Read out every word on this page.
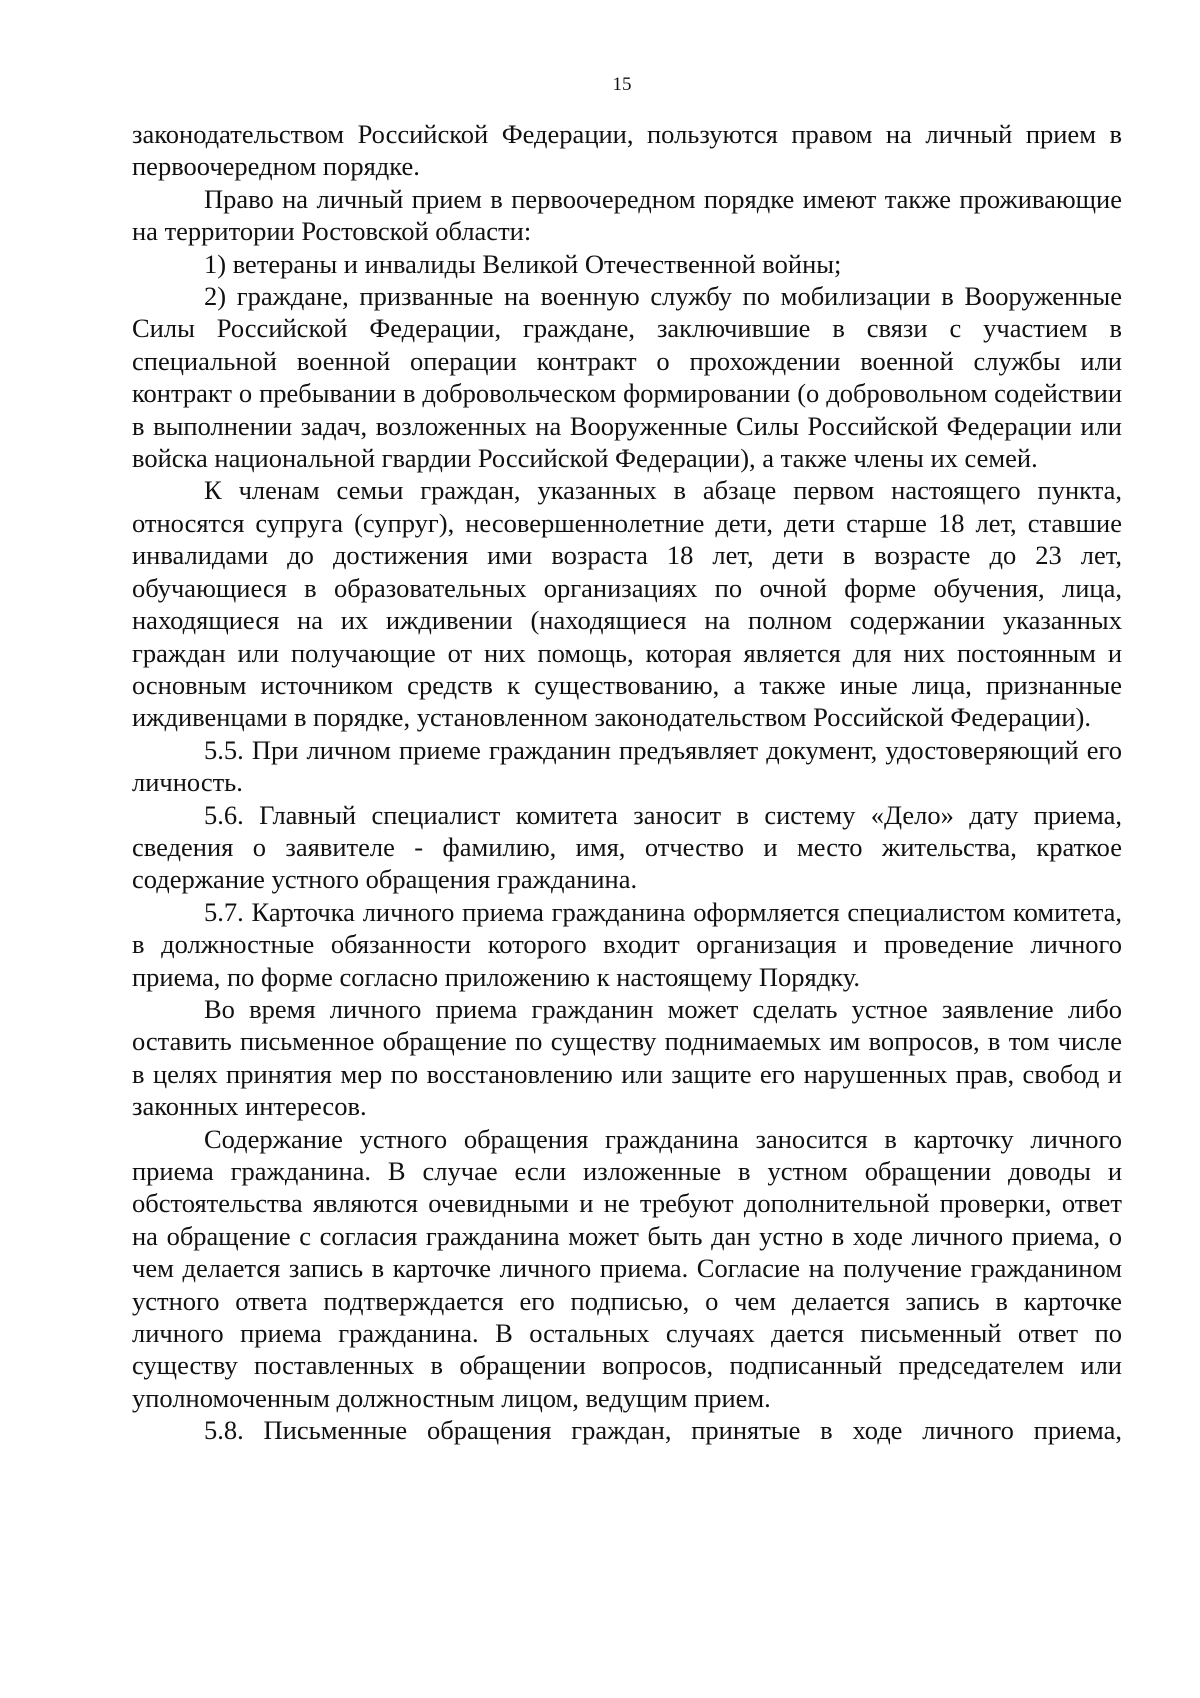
15

законодательством Российской Федерации, пользуются правом на личный прием в первоочередном порядке.

Право на личный прием в первоочередном порядке имеют также проживающие на территории Ростовской области:

1) ветераны и инвалиды Великой Отечественной войны;

2) граждане, призванные на военную службу по мобилизации в Вооруженные Силы Российской Федерации, граждане, заключившие в связи с участием в специальной военной операции контракт о прохождении военной службы или контракт о пребывании в добровольческом формировании (о добровольном содействии в выполнении задач, возложенных на Вооруженные Силы Российской Федерации или войска национальной гвардии Российской Федерации), а также члены их семей.

К членам семьи граждан, указанных в абзаце первом настоящего пункта, относятся супруга (супруг), несовершеннолетние дети, дети старше 18 лет, ставшие инвалидами до достижения ими возраста 18 лет, дети в возрасте до 23 лет, обучающиеся в образовательных организациях по очной форме обучения, лица, находящиеся на их иждивении (находящиеся на полном содержании указанных граждан или получающие от них помощь, которая является для них постоянным и основным источником средств к существованию, а также иные лица, признанные иждивенцами в порядке, установленном законодательством Российской Федерации).

5.5. При личном приеме гражданин предъявляет документ, удостоверяющий его личность.

5.6. Главный специалист комитета заносит в систему «Дело» дату приема, сведения о заявителе - фамилию, имя, отчество и место жительства, краткое содержание устного обращения гражданина.

5.7. Карточка личного приема гражданина оформляется специалистом комитета, в должностные обязанности которого входит организация и проведение личного приема, по форме согласно приложению к настоящему Порядку.

Во время личного приема гражданин может сделать устное заявление либо оставить письменное обращение по существу поднимаемых им вопросов, в том числе в целях принятия мер по восстановлению или защите его нарушенных прав, свобод и законных интересов.

Содержание устного обращения гражданина заносится в карточку личного приема гражданина. В случае если изложенные в устном обращении доводы и обстоятельства являются очевидными и не требуют дополнительной проверки, ответ на обращение с согласия гражданина может быть дан устно в ходе личного приема, о чем делается запись в карточке личного приема. Согласие на получение гражданином устного ответа подтверждается его подписью, о чем делается запись в карточке личного приема гражданина. В остальных случаях дается письменный ответ по существу поставленных в обращении вопросов, подписанный председателем или уполномоченным должностным лицом, ведущим прием.

5.8. Письменные обращения граждан, принятые в ходе личного приема,
